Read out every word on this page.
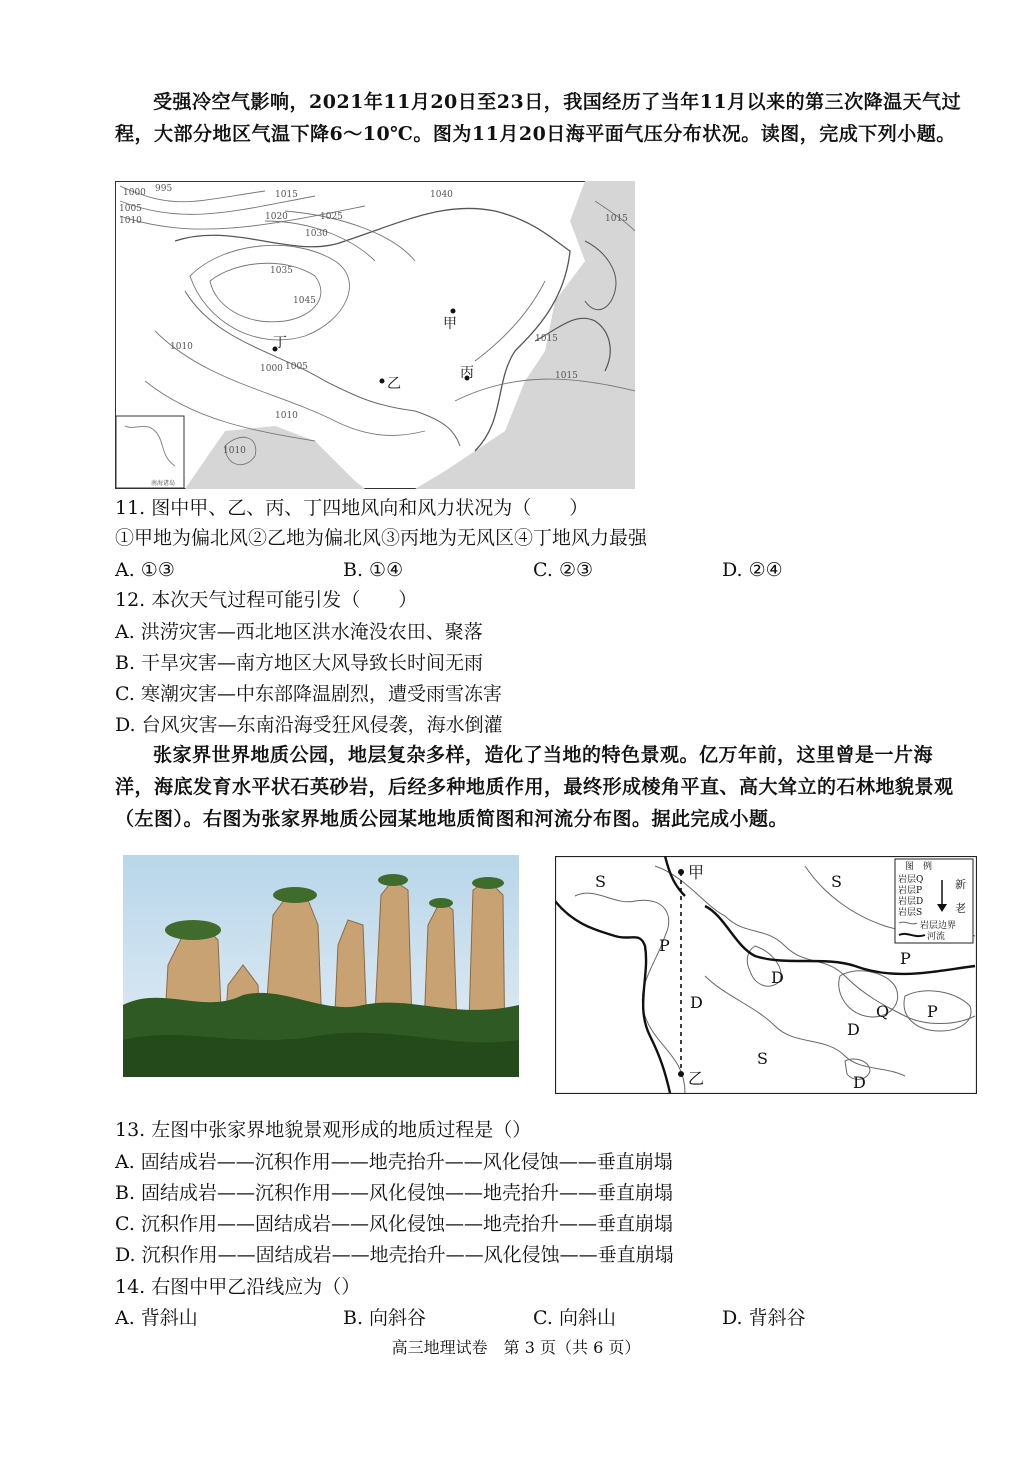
受强冷空气影响，2021年11月20日至23日，我国经历了当年11月以来的第三次降温天气过程，大部分地区气温下降6～10℃。图为11月20日海平面气压分布状况。读图，完成下列小题。
1000 995
1005
1010
1015
1020	1025
1030
1035
1040
1045
1015
1015
1015
1010
1005
1000
1010
1010
甲
乙
丙
丁
南海诸岛
11. 图中甲、乙、丙、丁四地风向和风力状况为（　　）
①甲地为偏北风②乙地为偏北风③丙地为无风区④丁地风力最强
A. ①③	B. ①④	C. ②③	D. ②④
12. 本次天气过程可能引发（　　）
A. 洪涝灾害—西北地区洪水淹没农田、聚落
B. 干旱灾害—南方地区大风导致长时间无雨
C. 寒潮灾害—中东部降温剧烈，遭受雨雪冻害
D. 台风灾害—东南沿海受狂风侵袭，海水倒灌
张家界世界地质公园，地层复杂多样，造化了当地的特色景观。亿万年前，这里曾是一片海洋，海底发育水平状石英砂岩，后经多种地质作用，最终形成棱角平直、高大耸立的石林地貌景观（左图）。右图为张家界地质公园某地地质简图和河流分布图。据此完成小题。
甲
乙
S	S
P
D
D
D
Q P
P
S
D
图　例
岩层Q
岩层P
岩层D
岩层S
岩层边界
河流
新
老
13. 左图中张家界地貌景观形成的地质过程是（）
A. 固结成岩——沉积作用——地壳抬升——风化侵蚀——垂直崩塌
B. 固结成岩——沉积作用——风化侵蚀——地壳抬升——垂直崩塌
C. 沉积作用——固结成岩——风化侵蚀——地壳抬升——垂直崩塌
D. 沉积作用——固结成岩——地壳抬升——风化侵蚀——垂直崩塌
14. 右图中甲乙沿线应为（）
A. 背斜山	B. 向斜谷	C. 向斜山	D. 背斜谷
高三地理试卷　第 3 页（共 6 页）
